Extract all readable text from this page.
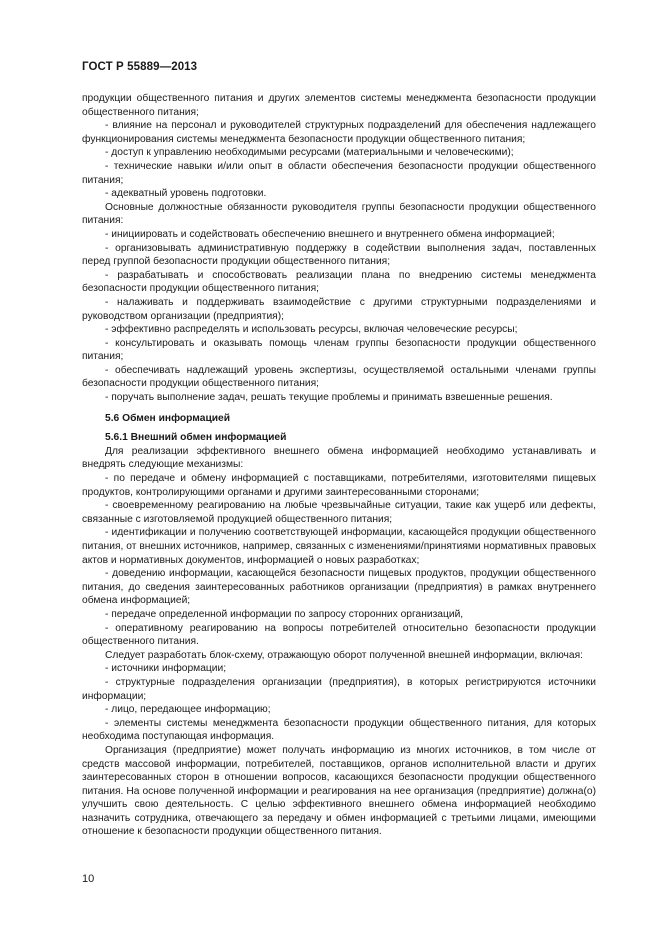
ГОСТ Р 55889—2013
продукции общественного питания и других элементов системы менеджмента безопасности продукции общественного питания;
- влияние на персонал и руководителей структурных подразделений для обеспечения надлежащего функционирования системы менеджмента безопасности продукции общественного питания;
- доступ к управлению необходимыми ресурсами (материальными и человеческими);
- технические навыки и/или опыт в области обеспечения безопасности продукции общественного питания;
- адекватный уровень подготовки.
Основные должностные обязанности руководителя группы безопасности продукции общественного питания:
- инициировать и содействовать обеспечению внешнего и внутреннего обмена информацией;
- организовывать административную поддержку в содействии выполнения задач, поставленных перед группой безопасности продукции общественного питания;
- разрабатывать и способствовать реализации плана по внедрению системы менеджмента безопасности продукции общественного питания;
- налаживать и поддерживать взаимодействие с другими структурными подразделениями и руководством организации (предприятия);
- эффективно распределять и использовать ресурсы, включая человеческие ресурсы;
- консультировать и оказывать помощь членам группы безопасности продукции общественного питания;
- обеспечивать надлежащий уровень экспертизы, осуществляемой остальными членами группы безопасности продукции общественного питания;
- поручать выполнение задач, решать текущие проблемы и принимать взвешенные решения.
5.6 Обмен информацией
5.6.1 Внешний обмен информацией
Для реализации эффективного внешнего обмена информацией необходимо устанавливать и внедрять следующие механизмы:
- по передаче и обмену информацией с поставщиками, потребителями, изготовителями пищевых продуктов, контролирующими органами и другими заинтересованными сторонами;
- своевременному реагированию на любые чрезвычайные ситуации, такие как ущерб или дефекты, связанные с изготовляемой продукцией общественного питания;
- идентификации и получению соответствующей информации, касающейся продукции общественного питания, от внешних источников, например, связанных с изменениями/принятиями нормативных правовых актов и нормативных документов, информацией о новых разработках;
- доведению информации, касающейся безопасности пищевых продуктов, продукции общественного питания, до сведения заинтересованных работников организации (предприятия) в рамках внутреннего обмена информацией;
- передаче определенной информации по запросу сторонних организаций,
- оперативному реагированию на вопросы потребителей относительно безопасности продукции общественного питания.
Следует разработать блок-схему, отражающую оборот полученной внешней информации, включая:
- источники информации;
- структурные подразделения организации (предприятия), в которых регистрируются источники информации;
- лицо, передающее информацию;
- элементы системы менеджмента безопасности продукции общественного питания, для которых необходима поступающая информация.
Организация (предприятие) может получать информацию из многих источников, в том числе от средств массовой информации, потребителей, поставщиков, органов исполнительной власти и других заинтересованных сторон в отношении вопросов, касающихся безопасности продукции общественного питания. На основе полученной информации и реагирования на нее организация (предприятие) должна(о) улучшить свою деятельность. С целью эффективного внешнего обмена информацией необходимо назначить сотрудника, отвечающего за передачу и обмен информацией с третьими лицами, имеющими отношение к безопасности продукции общественного питания.
10
